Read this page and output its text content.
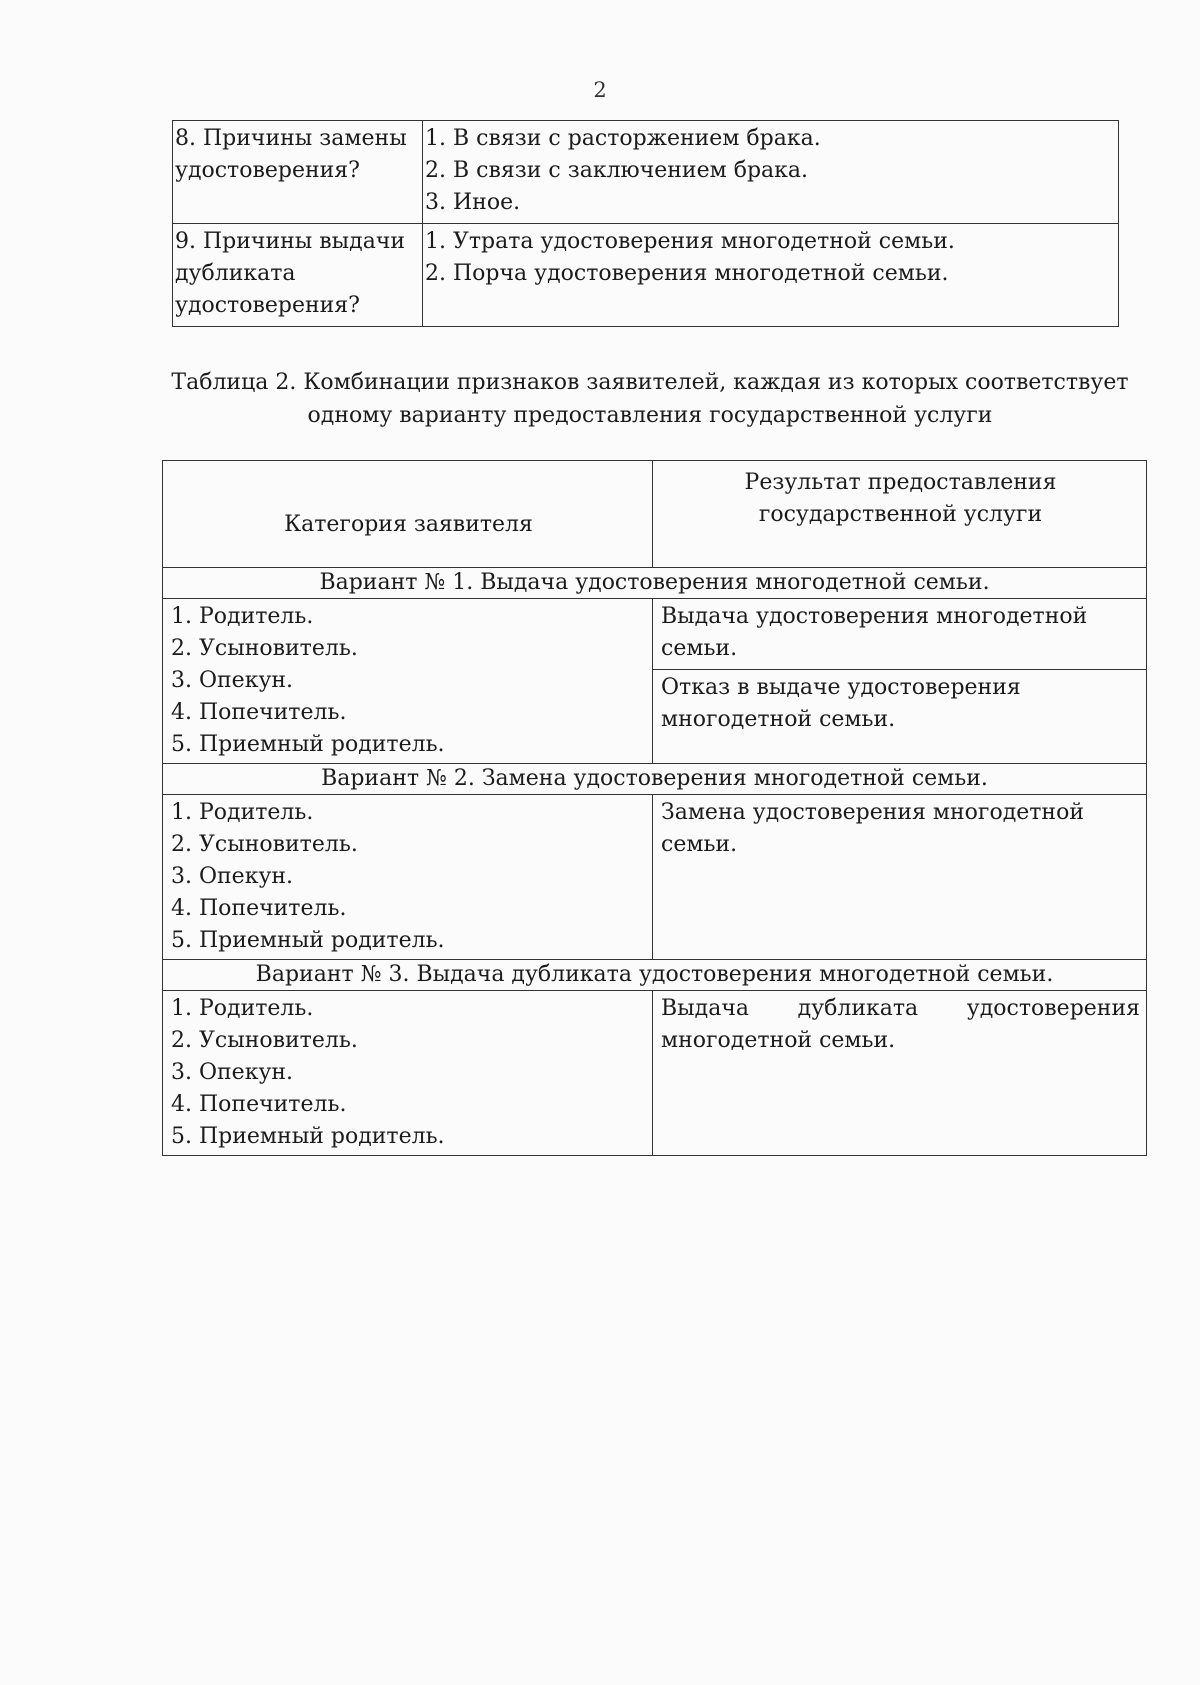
2
8. Причины замены
удостоверения?	1. В связи с расторжением брака.
2. В связи с заключением брака.
3. Иное.

9. Причины выдачи
дубликата
удостоверения?	1. Утрата удостоверения многодетной семьи.
2. Порча удостоверения многодетной семьи.
Таблица 2. Комбинации признаков заявителей, каждая из которых соответствует
одному варианту предоставления государственной услуги
Категория заявителя	Результат предоставления
государственной услуги

Вариант № 1. Выдача удостоверения многодетной семьи.	

1. Родитель.
2. Усыновитель.
3. Опекун.
4. Попечитель.
5. Приемный родитель.	Выдача удостоверения многодетной
семьи.

	Отказ в выдаче удостоверения
многодетной семьи.

Вариант № 2. Замена удостоверения многодетной семьи.	

1. Родитель.
2. Усыновитель.
3. Опекун.
4. Попечитель.
5. Приемный родитель.	Замена удостоверения многодетной
семьи.

Вариант № 3. Выдача дубликата удостоверения многодетной семьи.	

1. Родитель.
2. Усыновитель.
3. Опекун.
4. Попечитель.
5. Приемный родитель.	Выдача дубликата удостоверения
многодетной семьи.
